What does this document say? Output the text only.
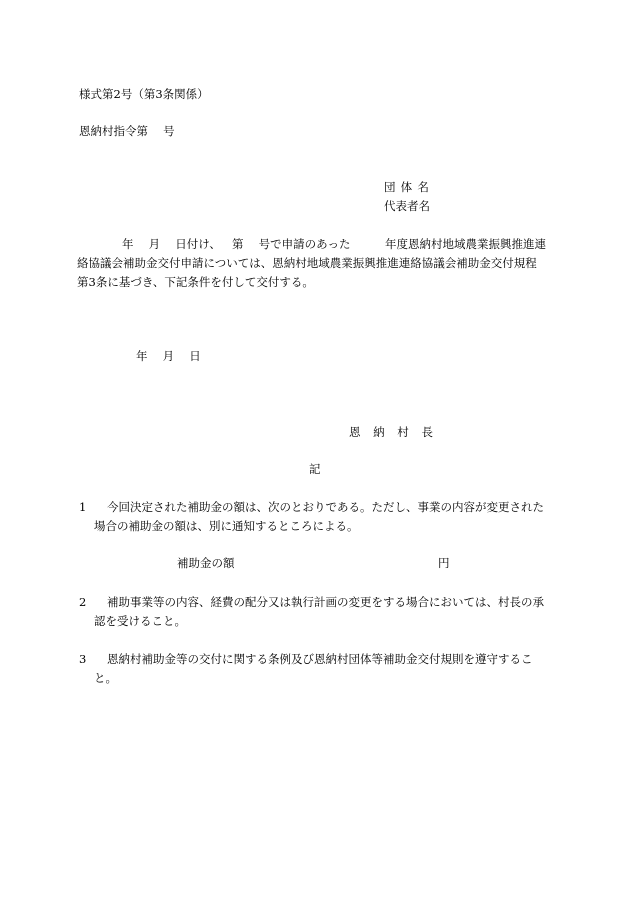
様式第2号（第3条関係）
恩納村指令第　 号
団体名
代表者名
年　 月　 日付け、 第　 号で申請のあった	年度恩納村地域農業振興推進連
絡協議会補助金交付申請については、恩納村地域農業振興推進連絡協議会補助金交付規程
第3条に基づき、下記条件を付して交付する。
年　 月　 日
恩納村長
記
1 今回決定された補助金の額は、次のとおりである。ただし、事業の内容が変更された
場合の補助金の額は、別に通知するところによる。
補助金の額	円
2 補助事業等の内容、経費の配分又は執行計画の変更をする場合においては、村長の承
認を受けること。
3 恩納村補助金等の交付に関する条例及び恩納村団体等補助金交付規則を遵守するこ
と。
